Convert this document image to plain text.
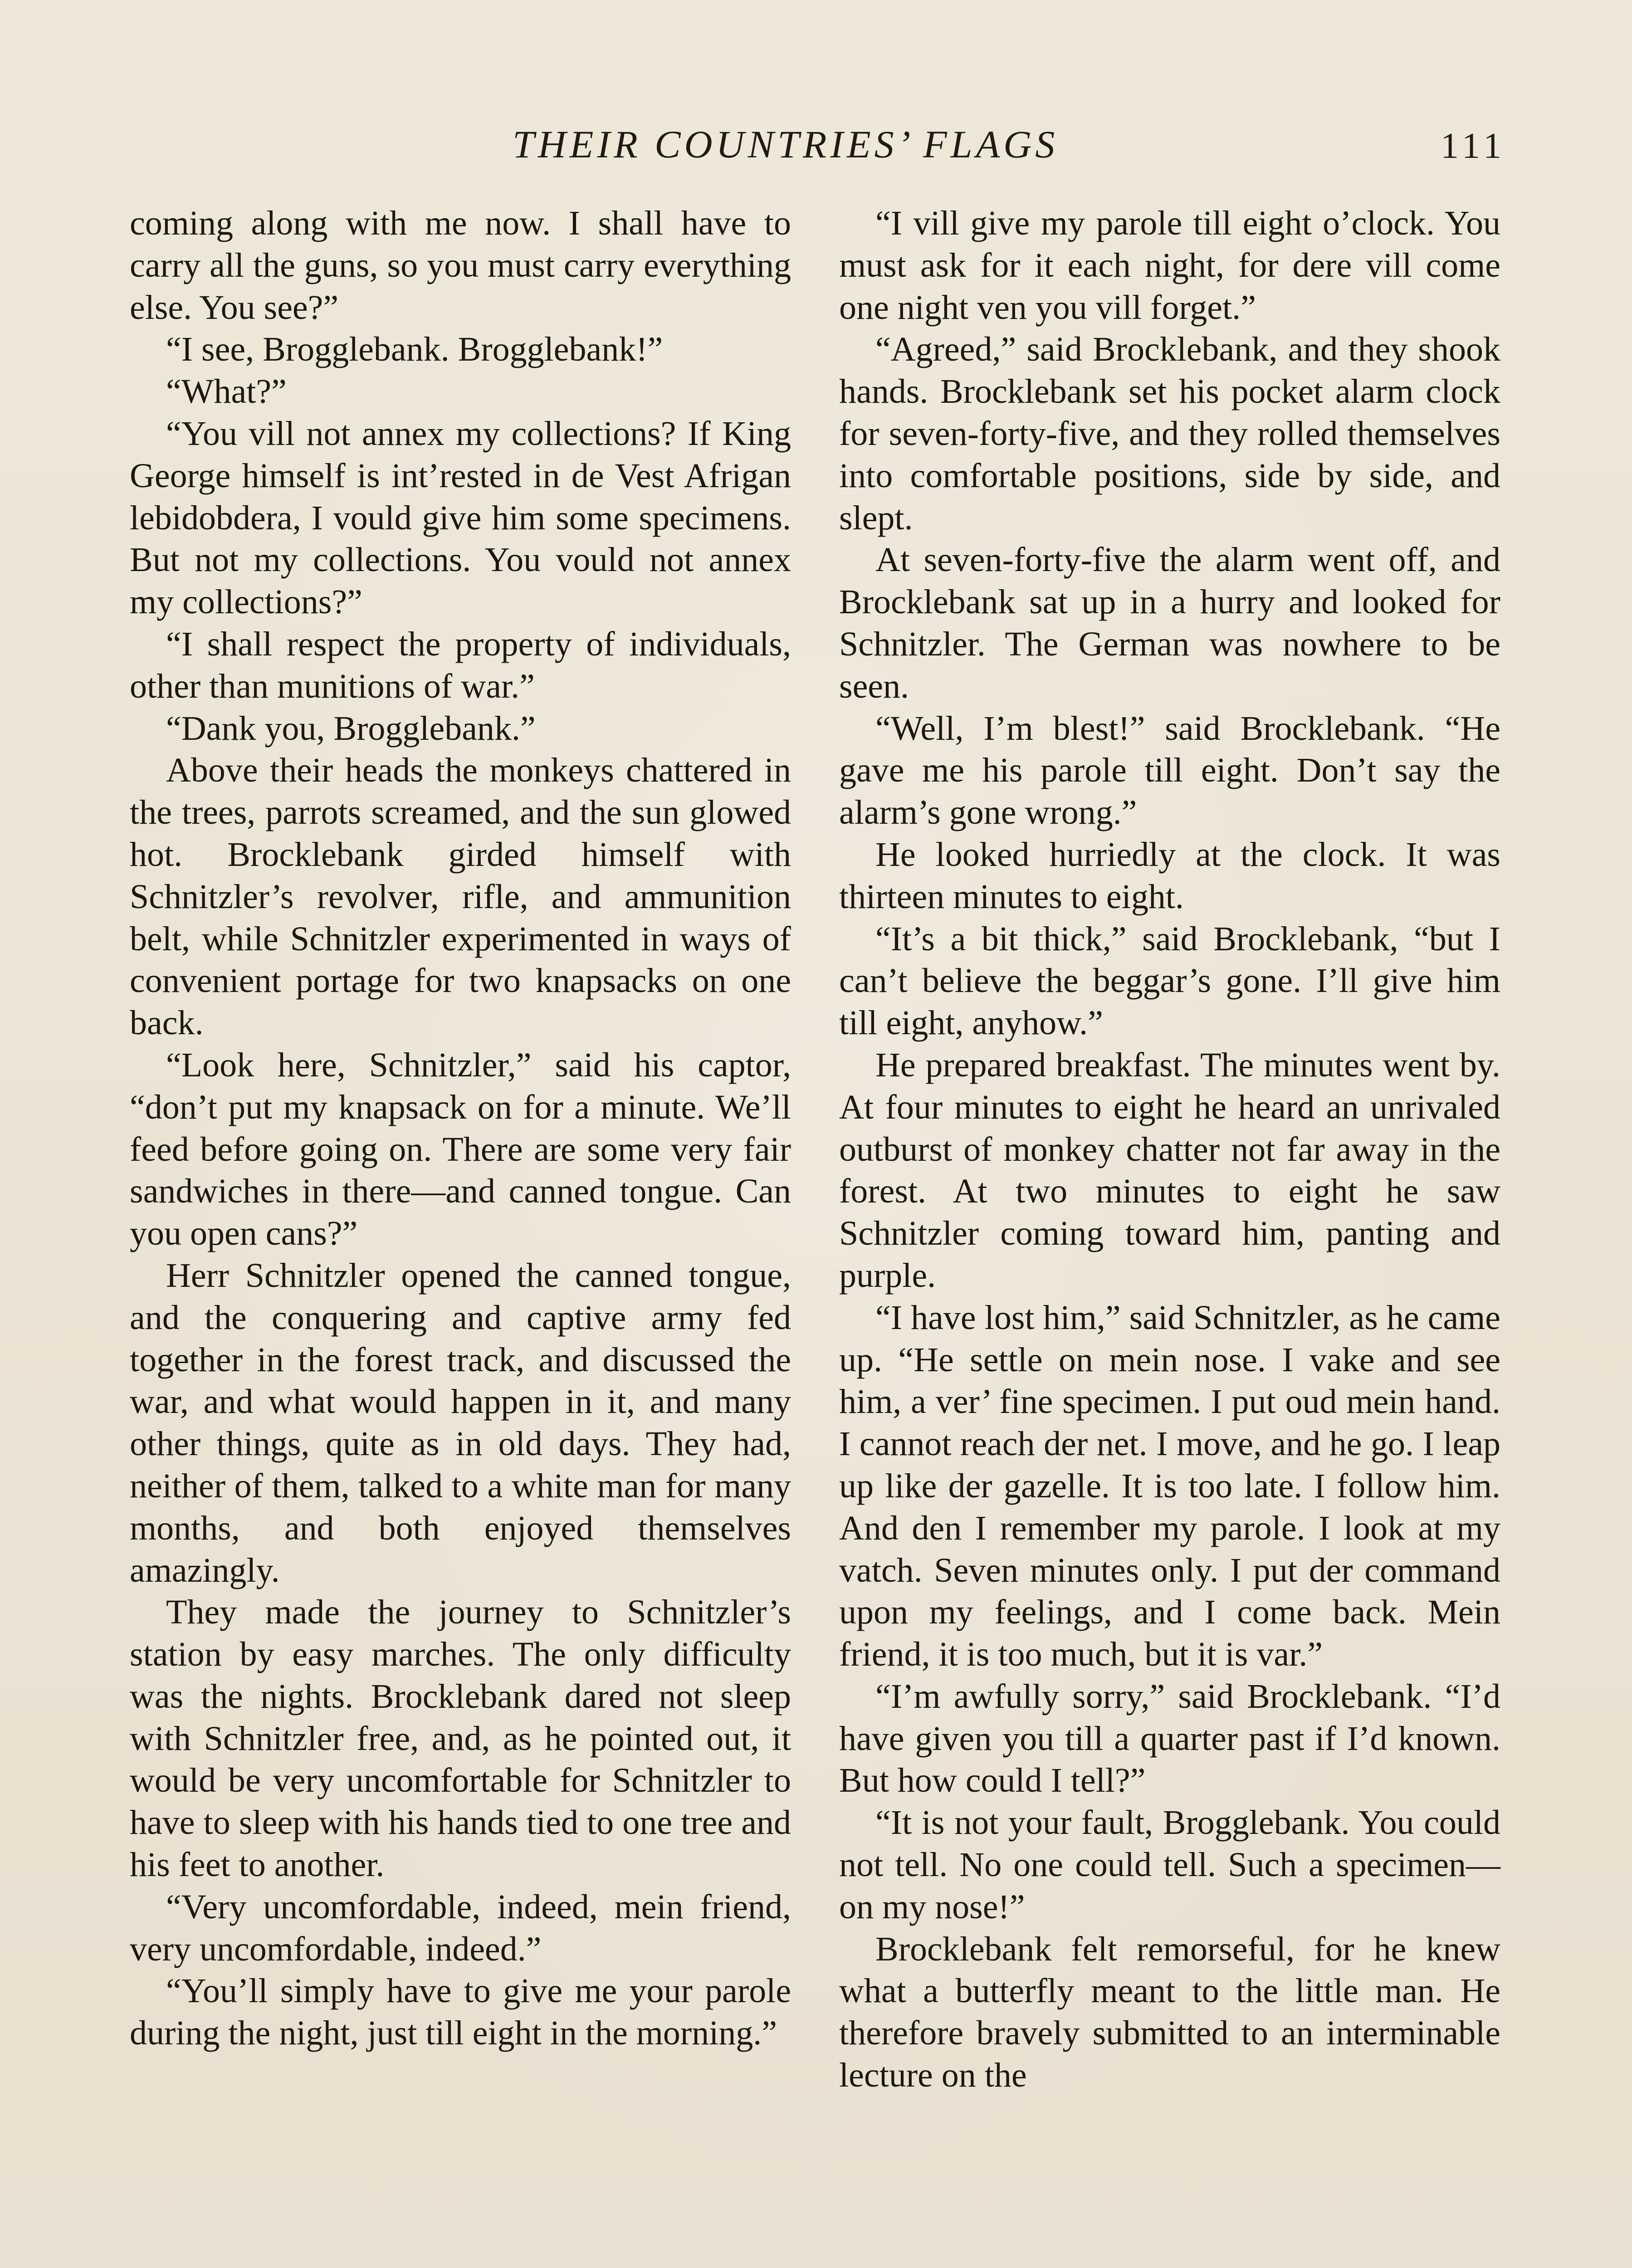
THEIR COUNTRIES’ FLAGS	111

coming along with me now. I shall have to carry all the guns, so you must carry everything else. You see?”

“I see, Brogglebank. Brogglebank!”

“What?”

“You vill not annex my collections? If King George himself is int’rested in de Vest Afrigan lebidobdera, I vould give him some specimens. But not my collections. You vould not annex my collections?”

“I shall respect the property of individuals, other than munitions of war.”

“Dank you, Brogglebank.”

Above their heads the monkeys chattered in the trees, parrots screamed, and the sun glowed hot. Brocklebank girded himself with Schnitzler’s revolver, rifle, and ammunition belt, while Schnitzler experimented in ways of convenient portage for two knapsacks on one back.

“Look here, Schnitzler,” said his captor, “don’t put my knapsack on for a minute. We’ll feed before going on. There are some very fair sandwiches in there—and canned tongue. Can you open cans?”

Herr Schnitzler opened the canned tongue, and the conquering and captive army fed together in the forest track, and discussed the war, and what would happen in it, and many other things, quite as in old days. They had, neither of them, talked to a white man for many months, and both enjoyed themselves amazingly.

They made the journey to Schnitzler’s station by easy marches. The only difficulty was the nights. Brocklebank dared not sleep with Schnitzler free, and, as he pointed out, it would be very uncomfortable for Schnitzler to have to sleep with his hands tied to one tree and his feet to another.

“Very uncomfordable, indeed, mein friend, very uncomfordable, indeed.”

“You’ll simply have to give me your parole during the night, just till eight in the morning.”

“I vill give my parole till eight o’clock. You must ask for it each night, for dere vill come one night ven you vill forget.”

“Agreed,” said Brocklebank, and they shook hands. Brocklebank set his pocket alarm clock for seven-forty-five, and they rolled themselves into comfortable positions, side by side, and slept.

At seven-forty-five the alarm went off, and Brocklebank sat up in a hurry and looked for Schnitzler. The German was nowhere to be seen.

“Well, I’m blest!” said Brocklebank. “He gave me his parole till eight. Don’t say the alarm’s gone wrong.”

He looked hurriedly at the clock. It was thirteen minutes to eight.

“It’s a bit thick,” said Brocklebank, “but I can’t believe the beggar’s gone. I’ll give him till eight, anyhow.”

He prepared breakfast. The minutes went by. At four minutes to eight he heard an unrivaled outburst of monkey chatter not far away in the forest. At two minutes to eight he saw Schnitzler coming toward him, panting and purple.

“I have lost him,” said Schnitzler, as he came up. “He settle on mein nose. I vake and see him, a ver’ fine specimen. I put oud mein hand. I cannot reach der net. I move, and he go. I leap up like der gazelle. It is too late. I follow him. And den I remember my parole. I look at my vatch. Seven minutes only. I put der command upon my feelings, and I come back. Mein friend, it is too much, but it is var.”

“I’m awfully sorry,” said Brocklebank. “I’d have given you till a quarter past if I’d known. But how could I tell?”

“It is not your fault, Brogglebank. You could not tell. No one could tell. Such a specimen—on my nose!”

Brocklebank felt remorseful, for he knew what a butterfly meant to the little man. He therefore bravely submitted to an interminable lecture on the
